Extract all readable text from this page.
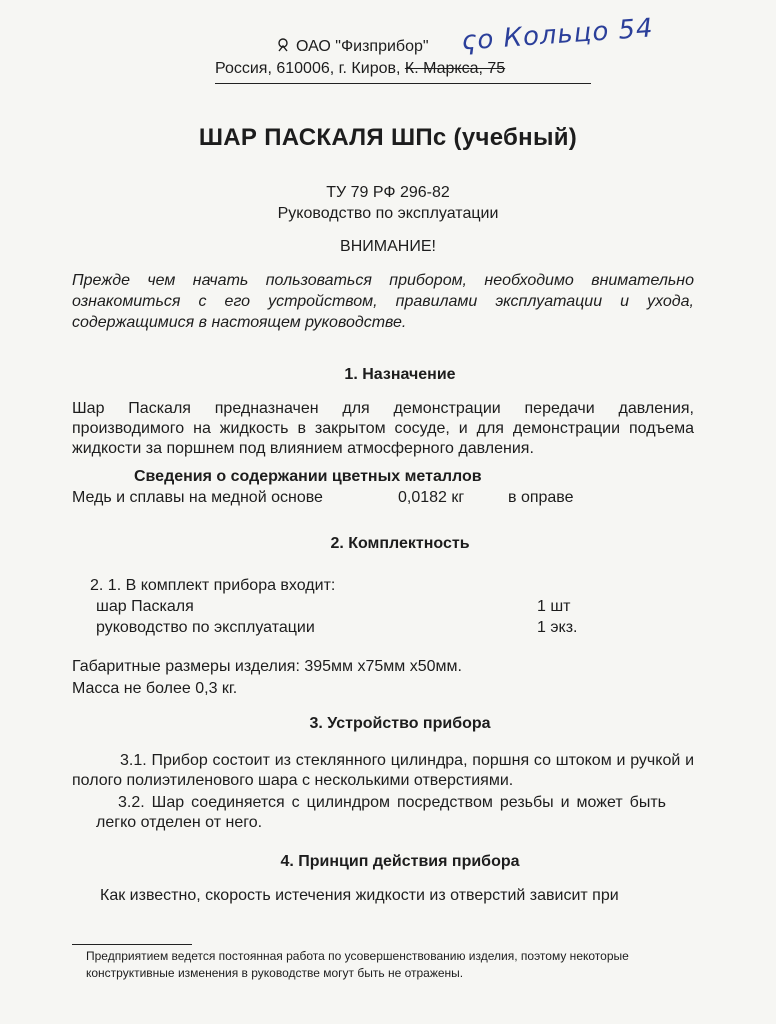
ОАО "Физприбор" ҁо Кольцо 54
Россия, 610006, г. Киров, К. Маркса, 75
ШАР ПАСКАЛЯ ШПс (учебный)
ТУ 79 РФ 296-82
Руководство по эксплуатации
ВНИМАНИЕ!
Прежде чем начать пользоваться прибором, необходимо внимательно ознакомиться с его устройством, правилами эксплуатации и ухода, содержащимися в настоящем руководстве.
1. Назначение
Шар Паскаля предназначен для демонстрации передачи давления, производимого на жидкость в закрытом сосуде, и для демонстрации подъема жидкости за поршнем под влиянием атмосферного давления.
Сведения о содержании цветных металлов
Медь и сплавы на медной основе	0,0182 кг	в оправе
2. Комплектность
2. 1. В комплект прибора входит:
шар Паскаля	1 шт
руководство по эксплуатации	1 экз.
Габаритные размеры изделия: 395мм х75мм х50мм.
Масса не более 0,3 кг.
3. Устройство прибора
3.1. Прибор состоит из стеклянного цилиндра, поршня со штоком и ручкой и полого полиэтиленового шара с несколькими отверстиями.
3.2. Шар соединяется с цилиндром посредством резьбы и может быть легко отделен от него.
4. Принцип действия прибора
Как известно, скорость истечения жидкости из отверстий зависит при
Предприятием ведется постоянная работа по усовершенствованию изделия, поэтому некоторые конструктивные изменения в руководстве могут быть не отражены.
